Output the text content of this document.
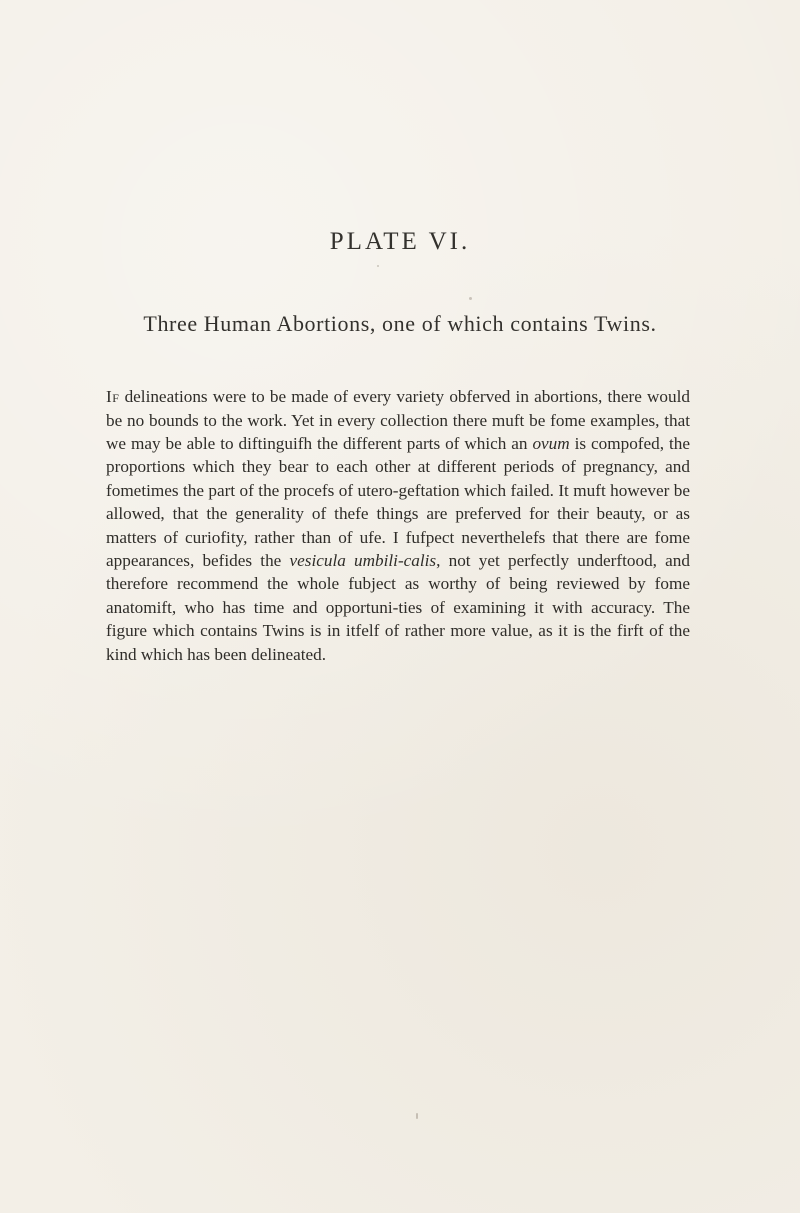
PLATE VI.
Three Human Abortions, one of which contains Twins.

If delineations were to be made of every variety obferved in abortions, there would be no bounds to the work. Yet in every collection there muft be fome examples, that we may be able to diftinguifh the different parts of which an ovum is compofed, the proportions which they bear to each other at different periods of pregnancy, and fometimes the part of the procefs of utero-geftation which failed. It muft however be allowed, that the generality of thefe things are preferved for their beauty, or as matters of curiofity, rather than of ufe. I fufpect neverthelefs that there are fome appearances, befides the vesicula umbili-calis, not yet perfectly underftood, and therefore recommend the whole fubject as worthy of being reviewed by fome anatomift, who has time and opportuni-ties of examining it with accuracy. The figure which contains Twins is in itfelf of rather more value, as it is the firft of the kind which has been delineated.
